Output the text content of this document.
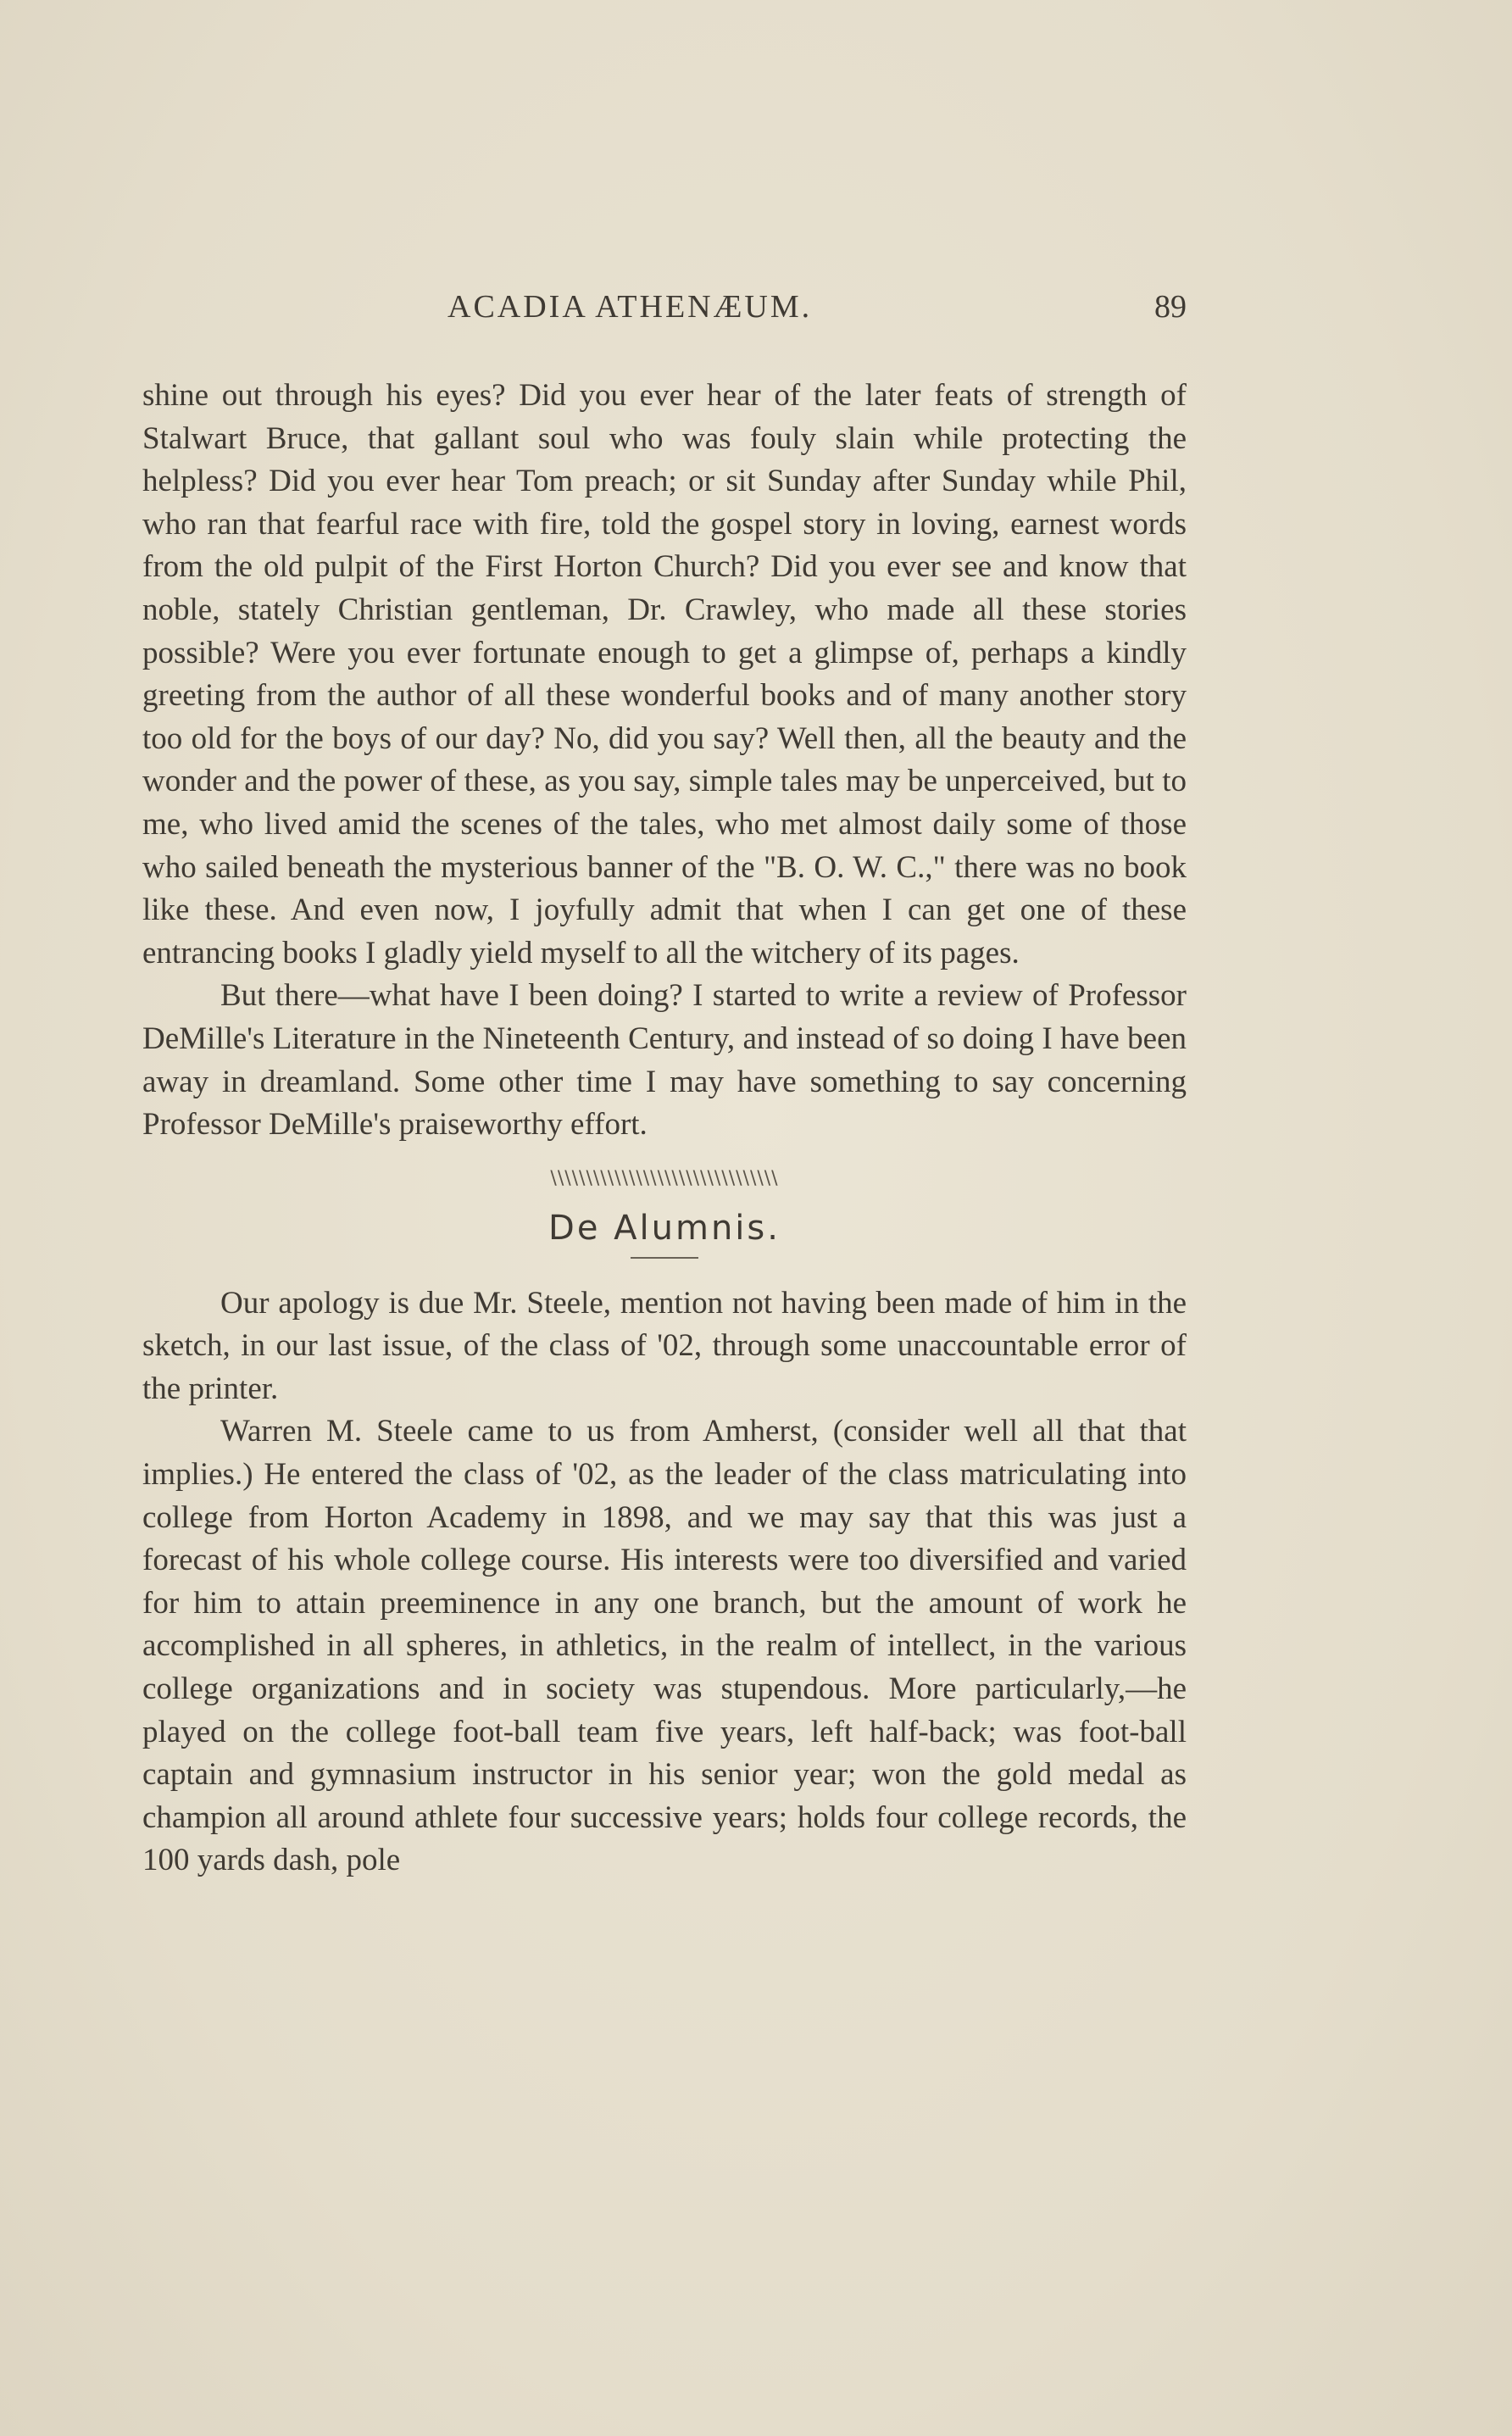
ACADIA ATHENÆUM.	89

shine out through his eyes? Did you ever hear of the later feats of strength of Stalwart Bruce, that gallant soul who was fouly slain while protecting the helpless? Did you ever hear Tom preach; or sit Sunday after Sunday while Phil, who ran that fearful race with fire, told the gospel story in loving, earnest words from the old pulpit of the First Horton Church? Did you ever see and know that noble, stately Christian gentleman, Dr. Crawley, who made all these stories possible? Were you ever fortunate enough to get a glimpse of, perhaps a kindly greeting from the author of all these wonderful books and of many another story too old for the boys of our day? No, did you say? Well then, all the beauty and the wonder and the power of these, as you say, simple tales may be unperceived, but to me, who lived amid the scenes of the tales, who met almost daily some of those who sailed beneath the mysterious banner of the "B. O. W. C.," there was no book like these. And even now, I joyfully admit that when I can get one of these entrancing books I gladly yield myself to all the witchery of its pages.

But there—what have I been doing? I started to write a review of Professor DeMille's Literature in the Nineteenth Century, and instead of so doing I have been away in dreamland. Some other time I may have something to say concerning Professor DeMille's praiseworthy effort.

\\\\\\\\\\\\\\\\\\\\\\\\\\\\\\\\
De Alumnis.

Our apology is due Mr. Steele, mention not having been made of him in the sketch, in our last issue, of the class of '02, through some unaccountable error of the printer.

Warren M. Steele came to us from Amherst, (consider well all that that implies.) He entered the class of '02, as the leader of the class matriculating into college from Horton Academy in 1898, and we may say that this was just a forecast of his whole college course. His interests were too diversified and varied for him to attain preeminence in any one branch, but the amount of work he accomplished in all spheres, in athletics, in the realm of intellect, in the various college organizations and in society was stupendous. More particularly,—he played on the college foot-ball team five years, left half-back; was foot-ball captain and gymnasium instructor in his senior year; won the gold medal as champion all around athlete four successive years; holds four college records, the 100 yards dash, pole
